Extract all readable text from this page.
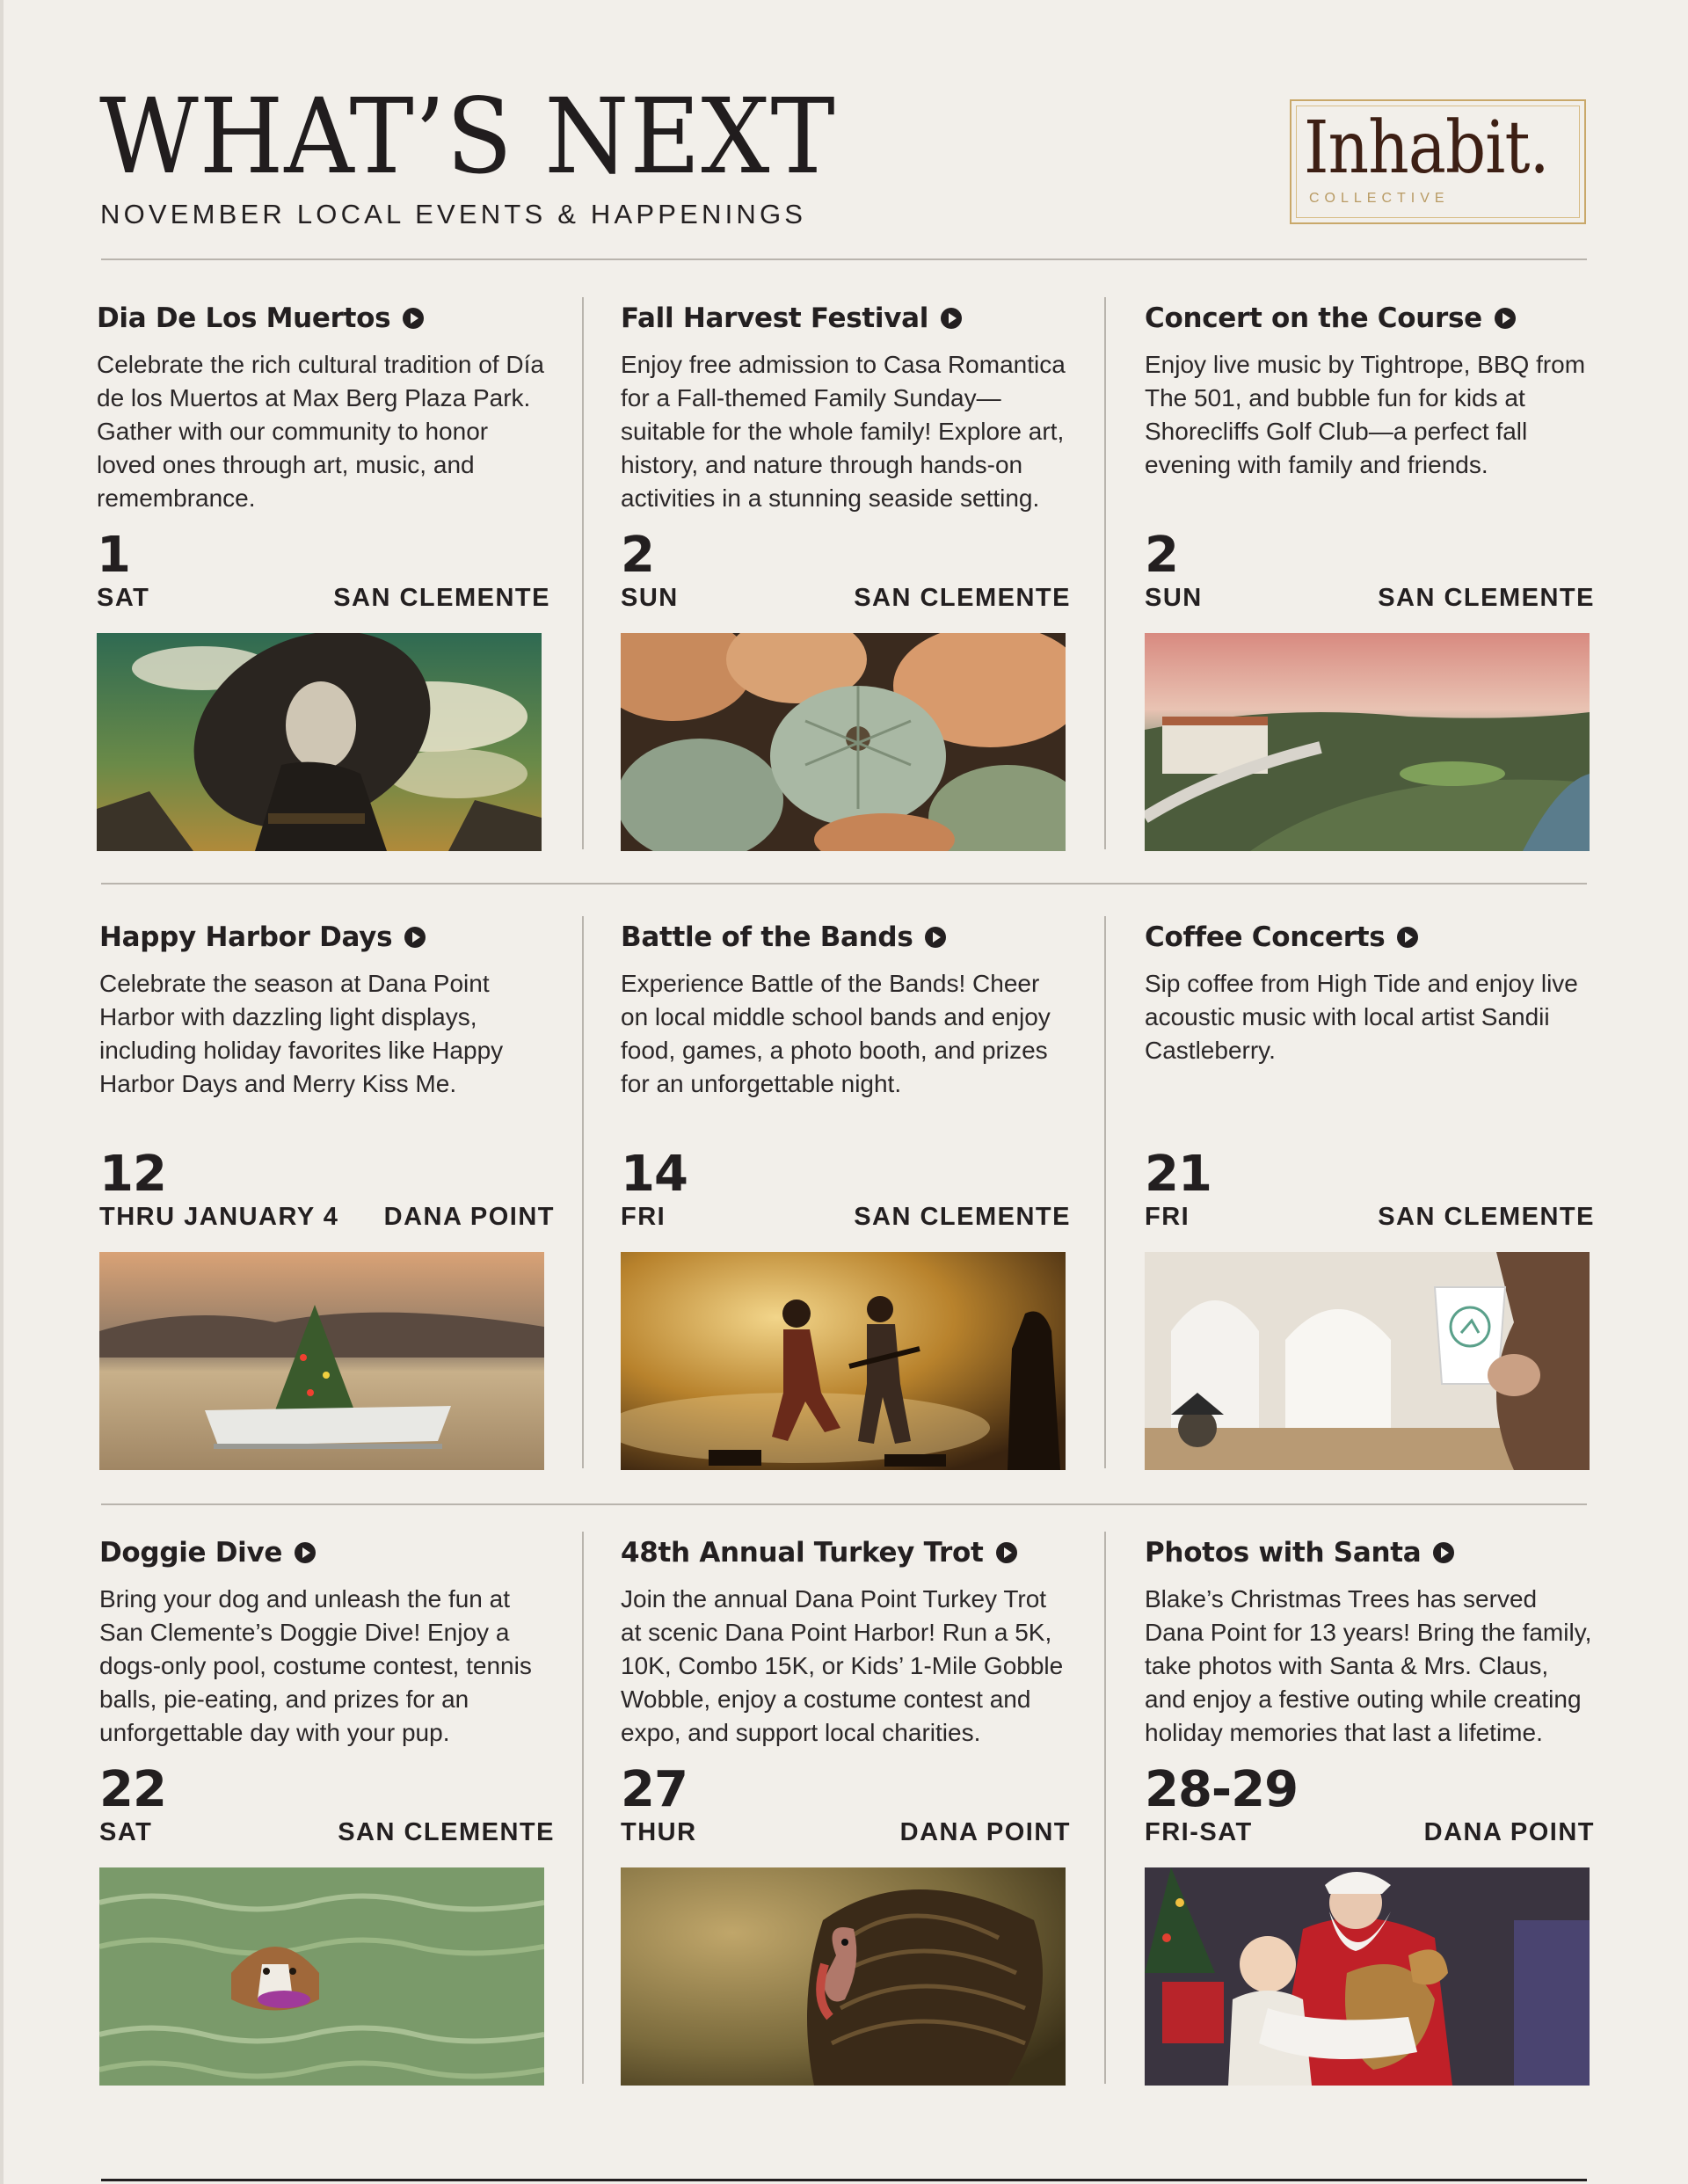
WHAT’S NEXT
NOVEMBER LOCAL EVENTS & HAPPENINGS
Inhabit.
COLLECTIVE
Dia De Los Muertos
Celebrate the rich cultural tradition of Día de los Muertos at Max Berg Plaza Park. Gather with our community to honor loved ones through art, music, and remembrance.
1
SAT	SAN CLEMENTE
Fall Harvest Festival
Enjoy free admission to Casa Romantica for a Fall-themed Family Sunday—suitable for the whole family! Explore art, history, and nature through hands-on activities in a stunning seaside setting.
2
SUN	SAN CLEMENTE
Concert on the Course
Enjoy live music by Tightrope, BBQ from The 501, and bubble fun for kids at Shorecliffs Golf Club—a perfect fall evening with family and friends.
2
SUN	SAN CLEMENTE
Happy Harbor Days
Celebrate the season at Dana Point Harbor with dazzling light displays, including holiday favorites like Happy Harbor Days and Merry Kiss Me.
12
THRU JANUARY 4 DANA POINT
Battle of the Bands
Experience Battle of the Bands! Cheer on local middle school bands and enjoy food, games, a photo booth, and prizes for an unforgettable night.
14
FRI	SAN CLEMENTE
Coffee Concerts
Sip coffee from High Tide and enjoy live acoustic music with local artist Sandii Castleberry.
21
FRI	SAN CLEMENTE
Doggie Dive
Bring your dog and unleash the fun at San Clemente’s Doggie Dive! Enjoy a dogs-only pool, costume contest, tennis balls, pie-eating, and prizes for an unforgettable day with your pup.
22
SAT	SAN CLEMENTE
48th Annual Turkey Trot
Join the annual Dana Point Turkey Trot at scenic Dana Point Harbor! Run a 5K, 10K, Combo 15K, or Kids’ 1-Mile Gobble Wobble, enjoy a costume contest and expo, and support local charities.
27
THUR	DANA POINT
Photos with Santa
Blake’s Christmas Trees has served Dana Point for 13 years! Bring the family, take photos with Santa & Mrs. Claus, and enjoy a festive outing while creating holiday memories that last a lifetime.
28-29
FRI-SAT	DANA POINT
